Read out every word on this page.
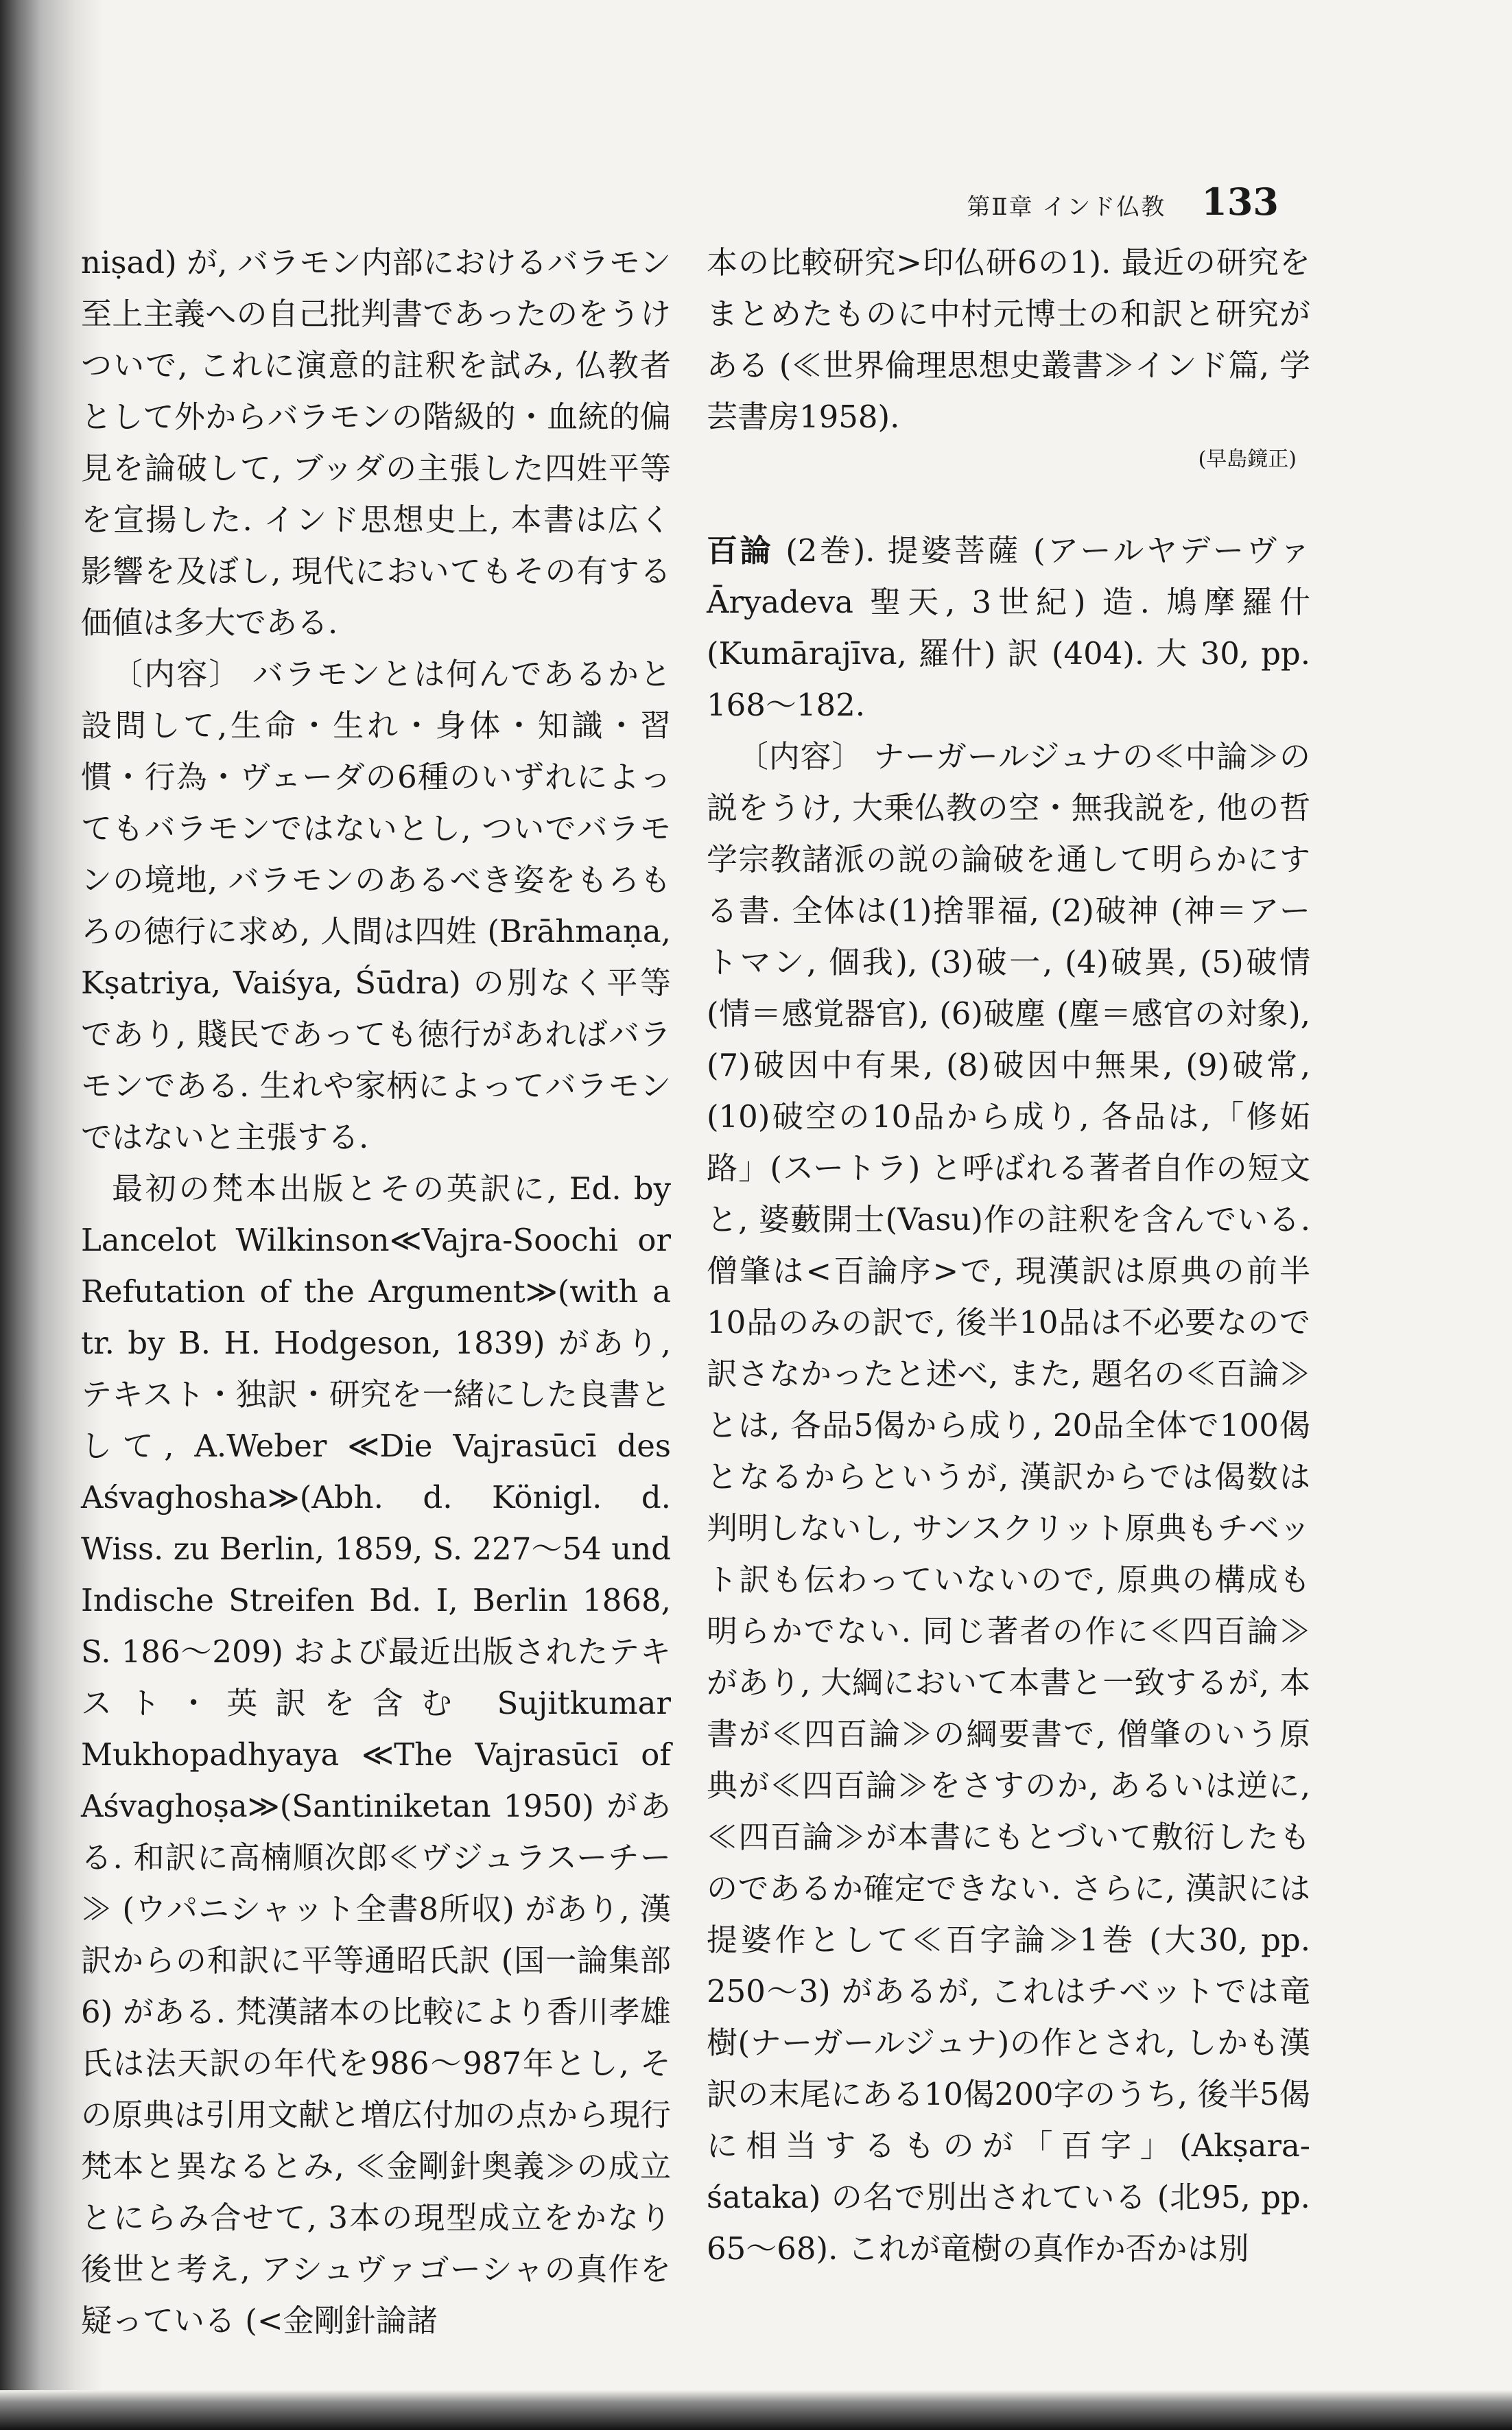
第Ⅱ章 インド仏教 133

niṣad) が, バラモン内部におけるバラモン至上主義への自己批判書であったのをうけついで, これに演意的註釈を試み, 仏教者として外からバラモンの階級的・血統的偏見を論破して, ブッダの主張した四姓平等を宣揚した. インド思想史上, 本書は広く影響を及ぼし, 現代においてもその有する価値は多大である.

〔内容〕 バラモンとは何んであるかと設問して,生命・生れ・身体・知識・習慣・行為・ヴェーダの6種のいずれによってもバラモンではないとし, ついでバラモンの境地, バラモンのあるべき姿をもろもろの徳行に求め, 人間は四姓 (Brāhmaṇa, Kṣatriya, Vaiśya, Śūdra) の別なく平等であり, 賤民であっても徳行があればバラモンである. 生れや家柄によってバラモンではないと主張する.

最初の梵本出版とその英訳に, Ed. by Lancelot Wilkinson≪Vajra-Soochi or Refutation of the Argument≫(with a tr. by B. H. Hodgeson, 1839) があり, テキスト・独訳・研究を一緒にした良書として, A.Weber ≪Die Vajrasūcī des Aśvaghosha≫(Abh. d. Königl. d. Wiss. zu Berlin, 1859, S. 227～54 und Indische Streifen Bd. I, Berlin 1868, S. 186～209) および最近出版されたテキスト・英訳を含む Sujitkumar Mukhopadhyaya ≪The Vajrasūcī of Aśvaghoṣa≫(Santiniketan 1950) がある. 和訳に高楠順次郎≪ヴジュラスーチー≫ (ウパニシャット全書8所収) があり, 漢訳からの和訳に平等通昭氏訳 (国一論集部6) がある. 梵漢諸本の比較により香川孝雄氏は法天訳の年代を986～987年とし, その原典は引用文献と増広付加の点から現行梵本と異なるとみ, ≪金剛針奥義≫の成立とにらみ合せて, 3本の現型成立をかなり後世と考え, アシュヴァゴーシャの真作を疑っている (<金剛針論諸

本の比較研究>印仏研6の1). 最近の研究をまとめたものに中村元博士の和訳と研究がある (≪世界倫理思想史叢書≫インド篇, 学芸書房1958).

(早島鏡正)

百論 (2巻). 提婆菩薩 (アールヤデーヴァ Āryadeva 聖天, 3世紀) 造. 鳩摩羅什 (Kumārajīva, 羅什) 訳 (404). 大 30, pp. 168～182.

〔内容〕 ナーガールジュナの≪中論≫の説をうけ, 大乗仏教の空・無我説を, 他の哲学宗教諸派の説の論破を通して明らかにする書. 全体は(1)捨罪福, (2)破神 (神＝アートマン, 個我), (3)破一, (4)破異, (5)破情 (情＝感覚器官), (6)破塵 (塵＝感官の対象), (7)破因中有果, (8)破因中無果, (9)破常, (10)破空の10品から成り, 各品は,「修妬路」(スートラ) と呼ばれる著者自作の短文と, 婆藪開士(Vasu)作の註釈を含んでいる. 僧肇は<百論序>で, 現漢訳は原典の前半10品のみの訳で, 後半10品は不必要なので訳さなかったと述べ, また, 題名の≪百論≫とは, 各品5偈から成り, 20品全体で100偈となるからというが, 漢訳からでは偈数は判明しないし, サンスクリット原典もチベット訳も伝わっていないので, 原典の構成も明らかでない. 同じ著者の作に≪四百論≫があり, 大綱において本書と一致するが, 本書が≪四百論≫の綱要書で, 僧肇のいう原典が≪四百論≫をさすのか, あるいは逆に, ≪四百論≫が本書にもとづいて敷衍したものであるか確定できない. さらに, 漢訳には提婆作として≪百字論≫1巻 (大30, pp. 250～3) があるが, これはチベットでは竜樹(ナーガールジュナ)の作とされ, しかも漢訳の末尾にある10偈200字のうち, 後半5偈に相当するものが「百字」(Akṣara-śataka) の名で別出されている (北95, pp. 65～68). これが竜樹の真作か否かは別
